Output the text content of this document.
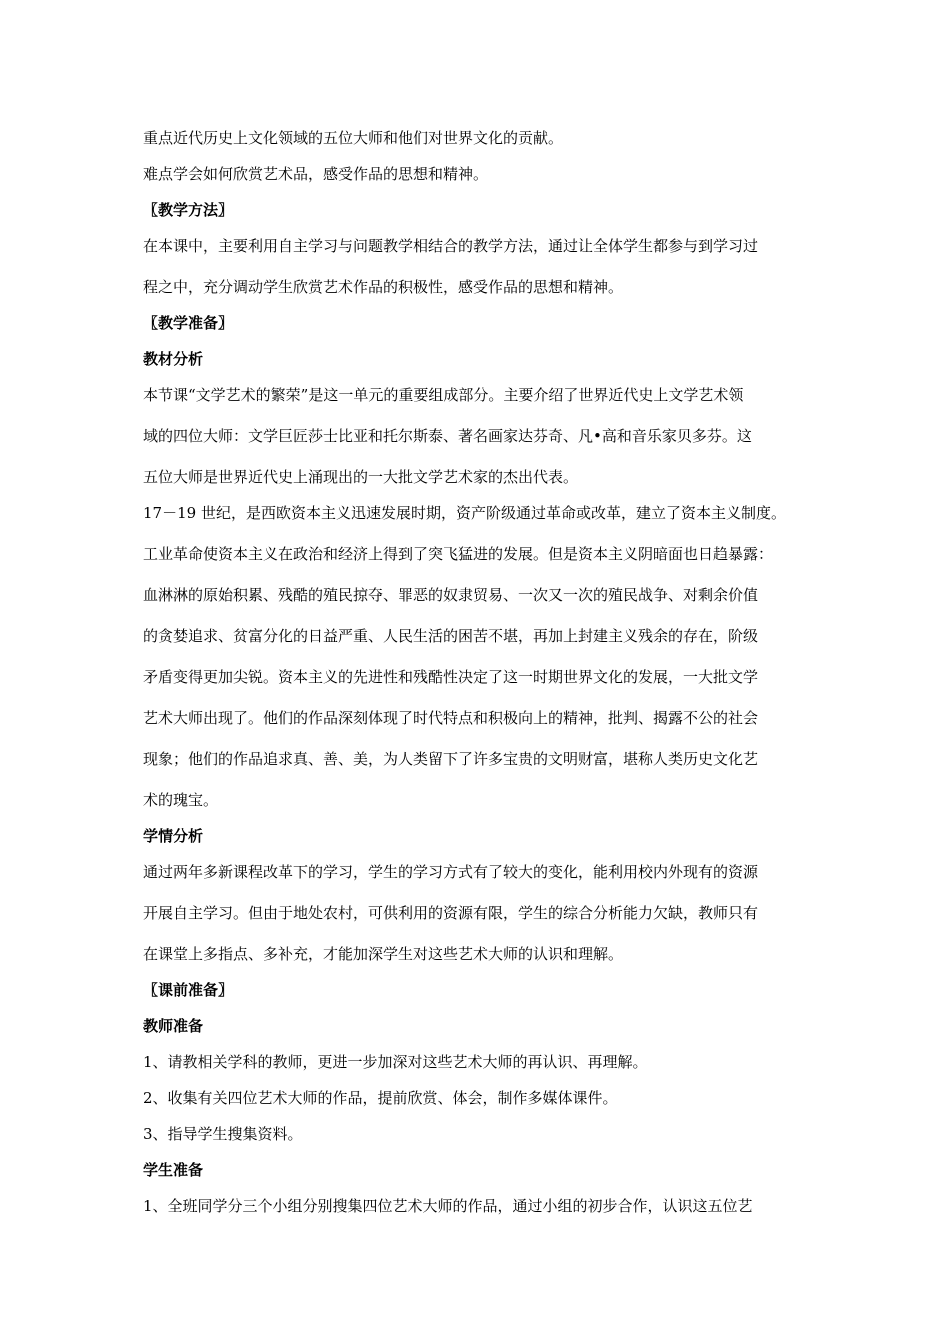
重点近代历史上文化领域的五位大师和他们对世界文化的贡献。
难点学会如何欣赏艺术品，感受作品的思想和精神。
〖教学方法〗
在本课中，主要利用自主学习与问题教学相结合的教学方法，通过让全体学生都参与到学习过
程之中，充分调动学生欣赏艺术作品的积极性，感受作品的思想和精神。
〖教学准备〗
教材分析
本节课“文学艺术的繁荣”是这一单元的重要组成部分。主要介绍了世界近代史上文学艺术领
域的四位大师：文学巨匠莎士比亚和托尔斯泰、著名画家达芬奇、凡•高和音乐家贝多芬。这
五位大师是世界近代史上涌现出的一大批文学艺术家的杰出代表。
17－19 世纪，是西欧资本主义迅速发展时期，资产阶级通过革命或改革，建立了资本主义制度。
工业革命使资本主义在政治和经济上得到了突飞猛进的发展。但是资本主义阴暗面也日趋暴露：
血淋淋的原始积累、残酷的殖民掠夺、罪恶的奴隶贸易、一次又一次的殖民战争、对剩余价值
的贪婪追求、贫富分化的日益严重、人民生活的困苦不堪，再加上封建主义残余的存在，阶级
矛盾变得更加尖锐。资本主义的先进性和残酷性决定了这一时期世界文化的发展，一大批文学
艺术大师出现了。他们的作品深刻体现了时代特点和积极向上的精神，批判、揭露不公的社会
现象；他们的作品追求真、善、美，为人类留下了许多宝贵的文明财富，堪称人类历史文化艺
术的瑰宝。
学情分析
通过两年多新课程改革下的学习，学生的学习方式有了较大的变化，能利用校内外现有的资源
开展自主学习。但由于地处农村，可供利用的资源有限，学生的综合分析能力欠缺，教师只有
在课堂上多指点、多补充，才能加深学生对这些艺术大师的认识和理解。
〖课前准备〗
教师准备
1、请教相关学科的教师，更进一步加深对这些艺术大师的再认识、再理解。
2、收集有关四位艺术大师的作品，提前欣赏、体会，制作多媒体课件。
3、指导学生搜集资料。
学生准备
1、全班同学分三个小组分别搜集四位艺术大师的作品，通过小组的初步合作，认识这五位艺
